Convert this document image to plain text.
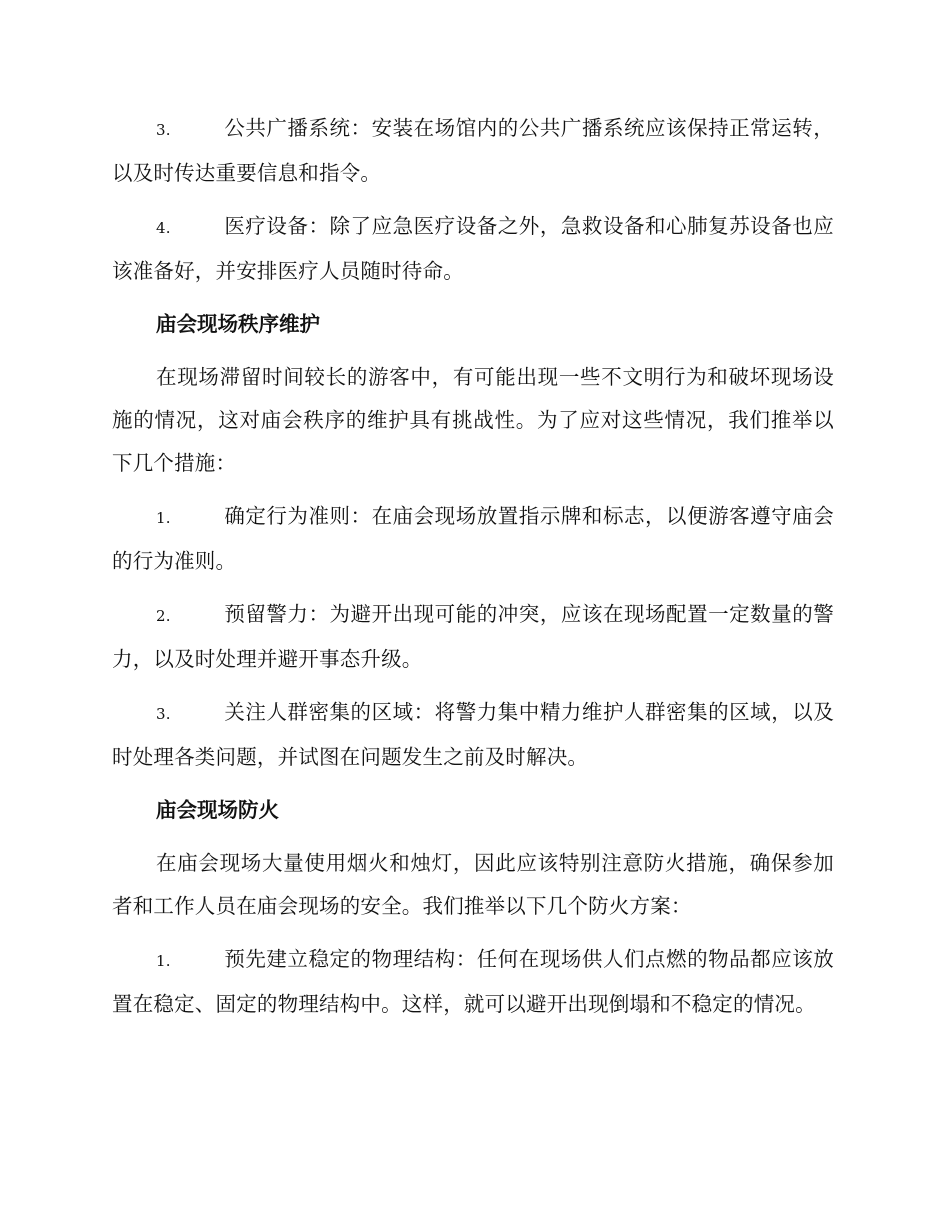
3.	公共广播系统：安装在场馆内的公共广播系统应该保持正常运转，以及时传达重要信息和指令。

4.	医疗设备：除了应急医疗设备之外，急救设备和心肺复苏设备也应该准备好，并安排医疗人员随时待命。

庙会现场秩序维护

在现场滞留时间较长的游客中，有可能出现一些不文明行为和破坏现场设施的情况，这对庙会秩序的维护具有挑战性。为了应对这些情况，我们推举以下几个措施：

1.	确定行为准则：在庙会现场放置指示牌和标志，以便游客遵守庙会的行为准则。

2.	预留警力：为避开出现可能的冲突，应该在现场配置一定数量的警力，以及时处理并避开事态升级。

3.	关注人群密集的区域：将警力集中精力维护人群密集的区域，以及时处理各类问题，并试图在问题发生之前及时解决。

庙会现场防火

在庙会现场大量使用烟火和烛灯，因此应该特别注意防火措施，确保参加者和工作人员在庙会现场的安全。我们推举以下几个防火方案：

1.	预先建立稳定的物理结构：任何在现场供人们点燃的物品都应该放置在稳定、固定的物理结构中。这样，就可以避开出现倒塌和不稳定的情况。
